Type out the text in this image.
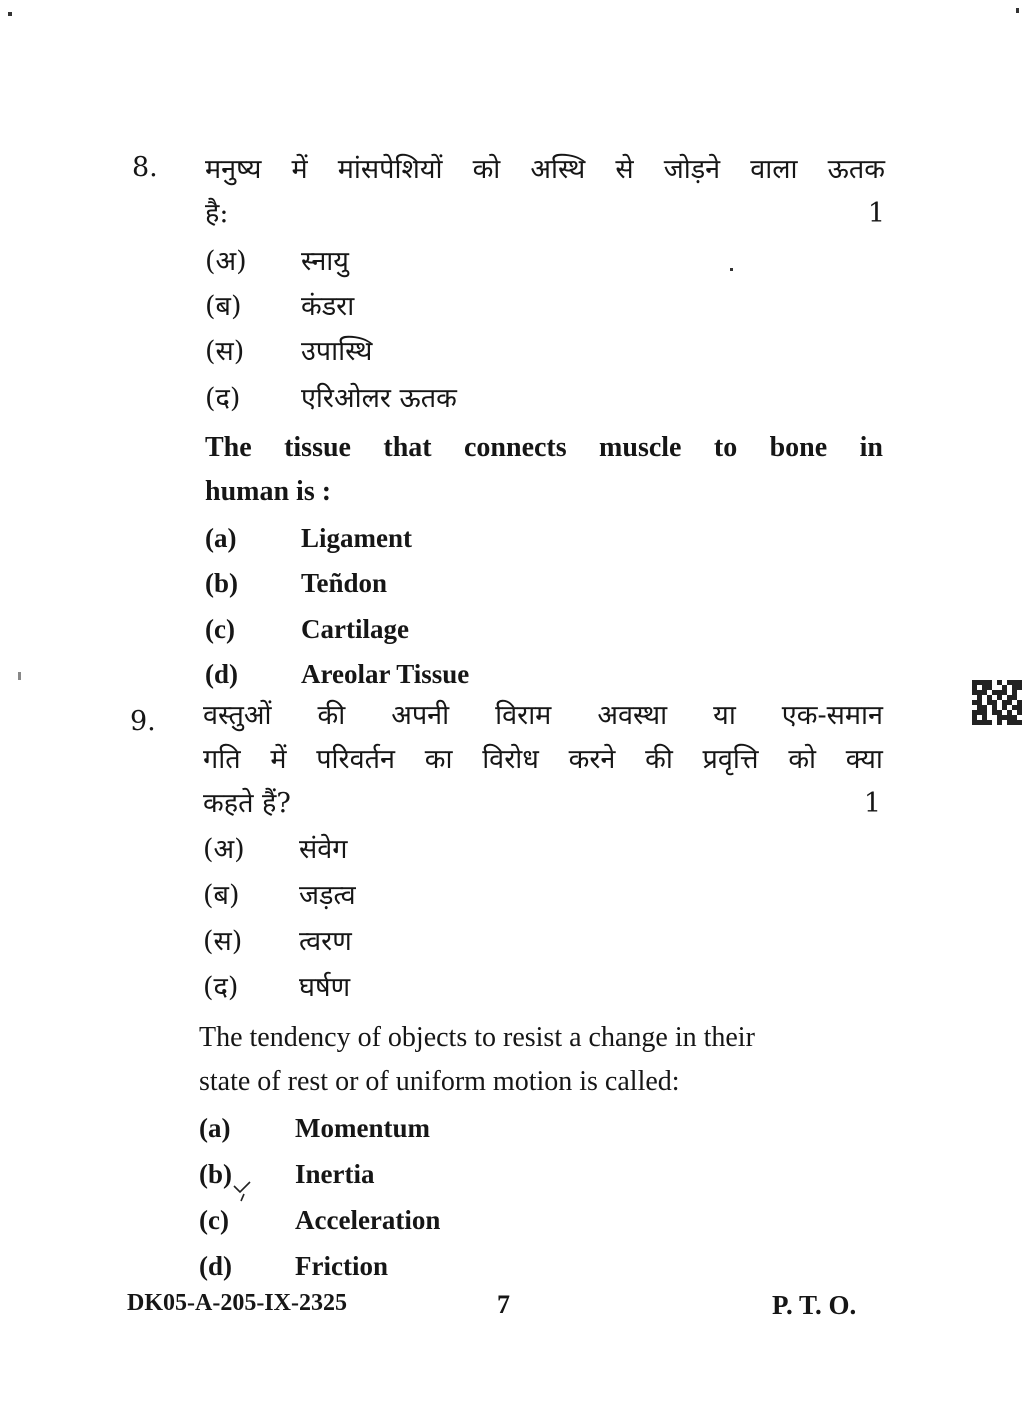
8. मनुष्य में मांसपेशियों को अस्थि से जोड़ने वाला ऊतक
है:	1
(अ) स्नायु
(ब) कंडरा
(स) उपास्थि
(द) एरिओलर ऊतक
The tissue that connects muscle to bone in
human is :
(a) Ligament
(b) Teñdon
(c) Cartilage
(d) Areolar Tissue
9. वस्तुओं की अपनी विराम अवस्था या एक-समान
गति में परिवर्तन का विरोध करने की प्रवृत्ति को क्या
कहते हैं?	1
(अ) संवेग
(ब) जड़त्व
(स) त्वरण
(द) घर्षण
The tendency of objects to resist a change in their
state of rest or of uniform motion is called:
(a) Momentum
(b) Inertia
(c) Acceleration
(d) Friction
DK05-A-205-IX-2325	7	P. T. O.
